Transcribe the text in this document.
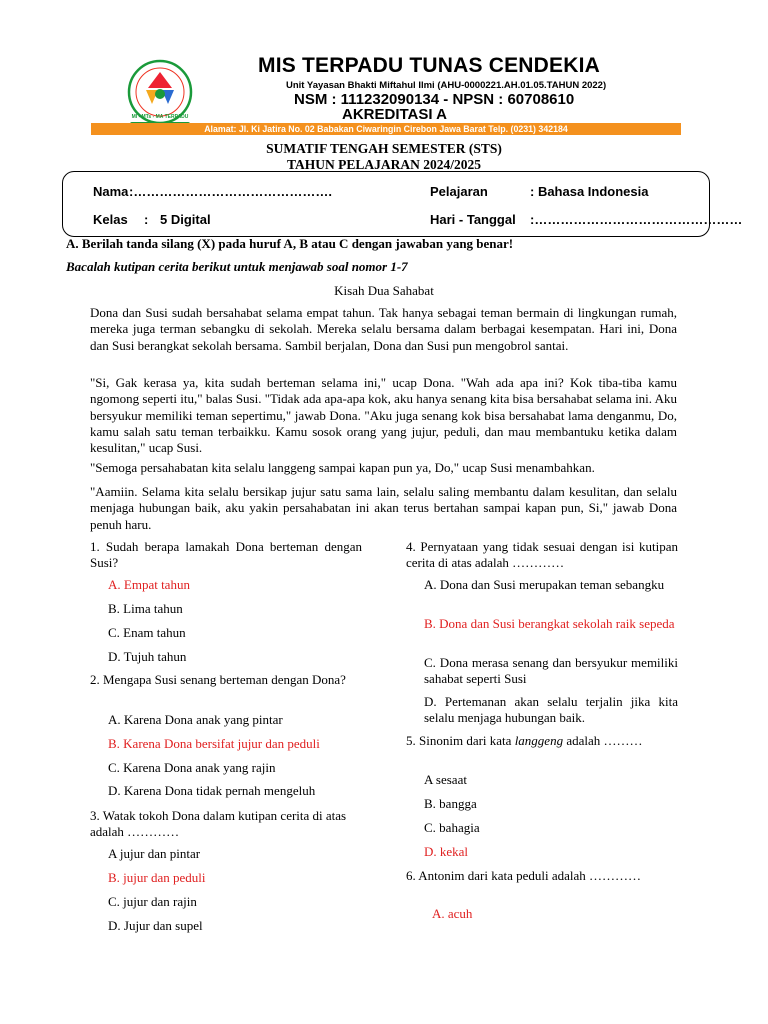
MI - MTs - MA TERPADU
MIS TERPADU TUNAS CENDEKIA
Unit Yayasan Bhakti Miftahul Ilmi (AHU-0000221.AH.01.05.TAHUN 2022)
NSM : 111232090134 - NPSN : 60708610
AKREDITASI A
Alamat: Jl. Ki Jatira No. 02 Babakan Ciwaringin Cirebon Jawa Barat Telp. (0231) 342184
SUMATIF TENGAH SEMESTER (STS)
TAHUN PELAJARAN 2024/2025
Nama :……………………………………….
Kelas : 5 Digital
Pelajaran	: Bahasa Indonesia
Hari - Tanggal :…………………………………………
A. Berilah tanda silang (X) pada huruf A, B atau C dengan jawaban yang benar!
Bacalah kutipan cerita berikut untuk menjawab soal nomor 1-7
Kisah Dua Sahabat
Dona dan Susi sudah bersahabat selama empat tahun. Tak hanya sebagai teman bermain di lingkungan rumah, mereka juga terman sebangku di sekolah. Mereka selalu bersama dalam berbagai kesempatan. Hari ini, Dona dan Susi berangkat sekolah bersama. Sambil berjalan, Dona dan Susi pun mengobrol santai.
"Si, Gak kerasa ya, kita sudah berteman selama ini," ucap Dona. "Wah ada apa ini? Kok tiba-tiba kamu ngomong seperti itu," balas Susi. "Tidak ada apa-apa kok, aku hanya senang kita bisa bersahabat selama ini. Aku bersyukur memiliki teman sepertimu," jawab Dona. "Aku juga senang kok bisa bersahabat lama denganmu, Do, kamu salah satu teman terbaikku. Kamu sosok orang yang jujur, peduli, dan mau membantuku ketika dalam kesulitan," ucap Susi.
"Semoga persahabatan kita selalu langgeng sampai kapan pun ya, Do," ucap Susi menambahkan.
"Aamiin. Selama kita selalu bersikap jujur satu sama lain, selalu saling membantu dalam kesulitan, dan selalu menjaga hubungan baik, aku yakin persahabatan ini akan terus bertahan sampai kapan pun, Si," jawab Dona penuh haru.
1. Sudah berapa lamakah Dona berteman dengan Susi?
A. Empat tahun
B. Lima tahun
C. Enam tahun
D. Tujuh tahun
2. Mengapa Susi senang berteman dengan Dona?
A. Karena Dona anak yang pintar
B. Karena Dona bersifat jujur dan peduli
C. Karena Dona anak yang rajin
D. Karena Dona tidak pernah mengeluh
3. Watak tokoh Dona dalam kutipan cerita di atas adalah …………
A jujur dan pintar
B. jujur dan peduli
C. jujur dan rajin
D. Jujur dan supel
4. Pernyataan yang tidak sesuai dengan isi kutipan cerita di atas adalah …………
A. Dona dan Susi merupakan teman sebangku
B. Dona dan Susi berangkat sekolah raik sepeda
C. Dona merasa senang dan bersyukur memiliki sahabat seperti Susi
D. Pertemanan akan selalu terjalin jika kita selalu menjaga hubungan baik.
5. Sinonim dari kata langgeng adalah ………
A sesaat
B. bangga
C. bahagia
D. kekal
6. Antonim dari kata peduli adalah …………
A. acuh
